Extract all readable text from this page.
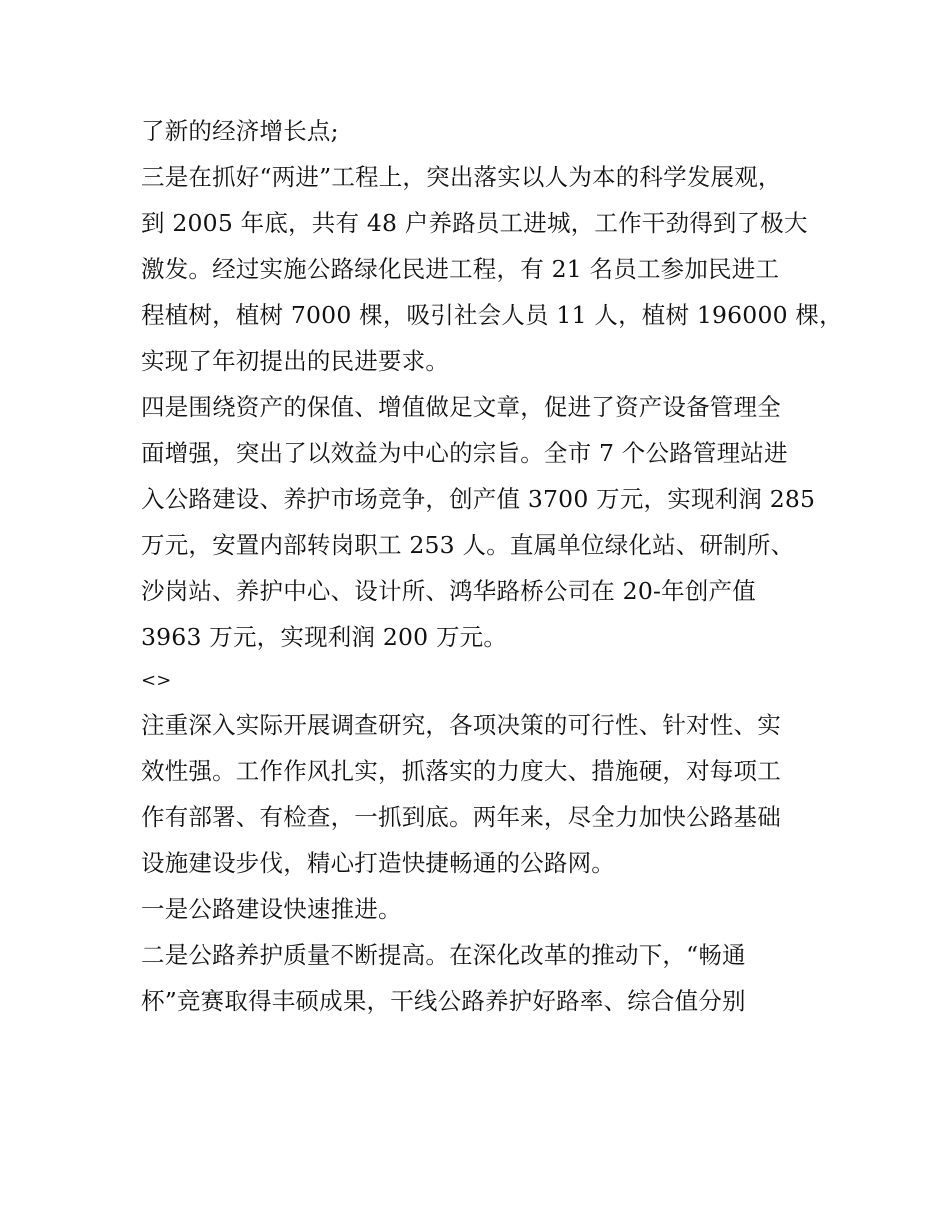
了新的经济增长点;
三是在抓好“两进”工程上，突出落实以人为本的科学发展观，
到 2005 年底，共有 48 户养路员工进城，工作干劲得到了极大
激发。经过实施公路绿化民进工程，有 21 名员工参加民进工
程植树，植树 7000 棵，吸引社会人员 11 人，植树 196000 棵，
实现了年初提出的民进要求。
四是围绕资产的保值、增值做足文章，促进了资产设备管理全
面增强，突出了以效益为中心的宗旨。全市 7 个公路管理站进
入公路建设、养护市场竞争，创产值 3700 万元，实现利润 285
万元，安置内部转岗职工 253 人。直属单位绿化站、研制所、
沙岗站、养护中心、设计所、鸿华路桥公司在 20-年创产值
3963 万元，实现利润 200 万元。
<>
注重深入实际开展调查研究，各项决策的可行性、针对性、实
效性强。工作作风扎实，抓落实的力度大、措施硬，对每项工
作有部署、有检查，一抓到底。两年来，尽全力加快公路基础
设施建设步伐，精心打造快捷畅通的公路网。
一是公路建设快速推进。
二是公路养护质量不断提高。在深化改革的推动下，“畅通
杯”竞赛取得丰硕成果，干线公路养护好路率、综合值分别
